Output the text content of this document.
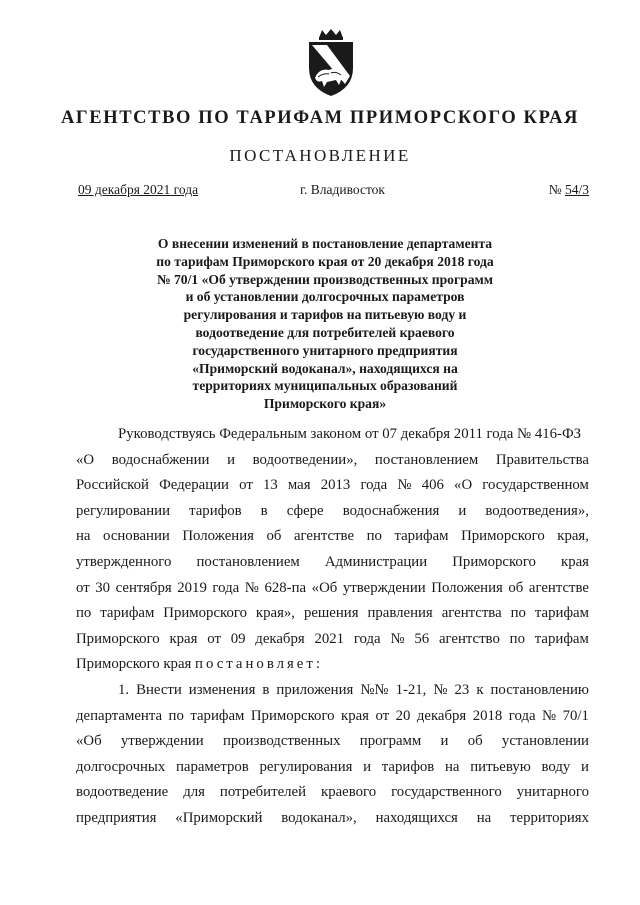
АГЕНТСТВО ПО ТАРИФАМ ПРИМОРСКОГО КРАЯ
ПОСТАНОВЛЕНИЕ
09 декабря 2021 года	г. Владивосток	№ 54/3
О внесении изменений в постановление департамента
по тарифам Приморского края от 20 декабря 2018 года
№ 70/1 «Об утверждении производственных программ
и об установлении долгосрочных параметров
регулирования и тарифов на питьевую воду и
водоотведение для потребителей краевого
государственного унитарного предприятия
«Приморский водоканал», находящихся на
территориях муниципальных образований
Приморского края»
Руководствуясь Федеральным законом от 07 декабря 2011 года № 416-ФЗ
«О водоснабжении и водоотведении», постановлением Правительства
Российской Федерации от 13 мая 2013 года № 406 «О государственном
регулировании тарифов в сфере водоснабжения и водоотведения»,
на основании Положения об агентстве по тарифам Приморского края,
утвержденного постановлением Администрации Приморского края
от 30 сентября 2019 года № 628-па «Об утверждении Положения об агентстве
по тарифам Приморского края», решения правления агентства по тарифам
Приморского края от 09 декабря 2021 года № 56 агентство по тарифам
Приморского края постановляет:
1. Внести изменения в приложения №№ 1-21, № 23 к постановлению
департамента по тарифам Приморского края от 20 декабря 2018 года № 70/1
«Об утверждении производственных программ и об установлении
долгосрочных параметров регулирования и тарифов на питьевую воду и
водоотведение для потребителей краевого государственного унитарного
предприятия «Приморский водоканал», находящихся на территориях
